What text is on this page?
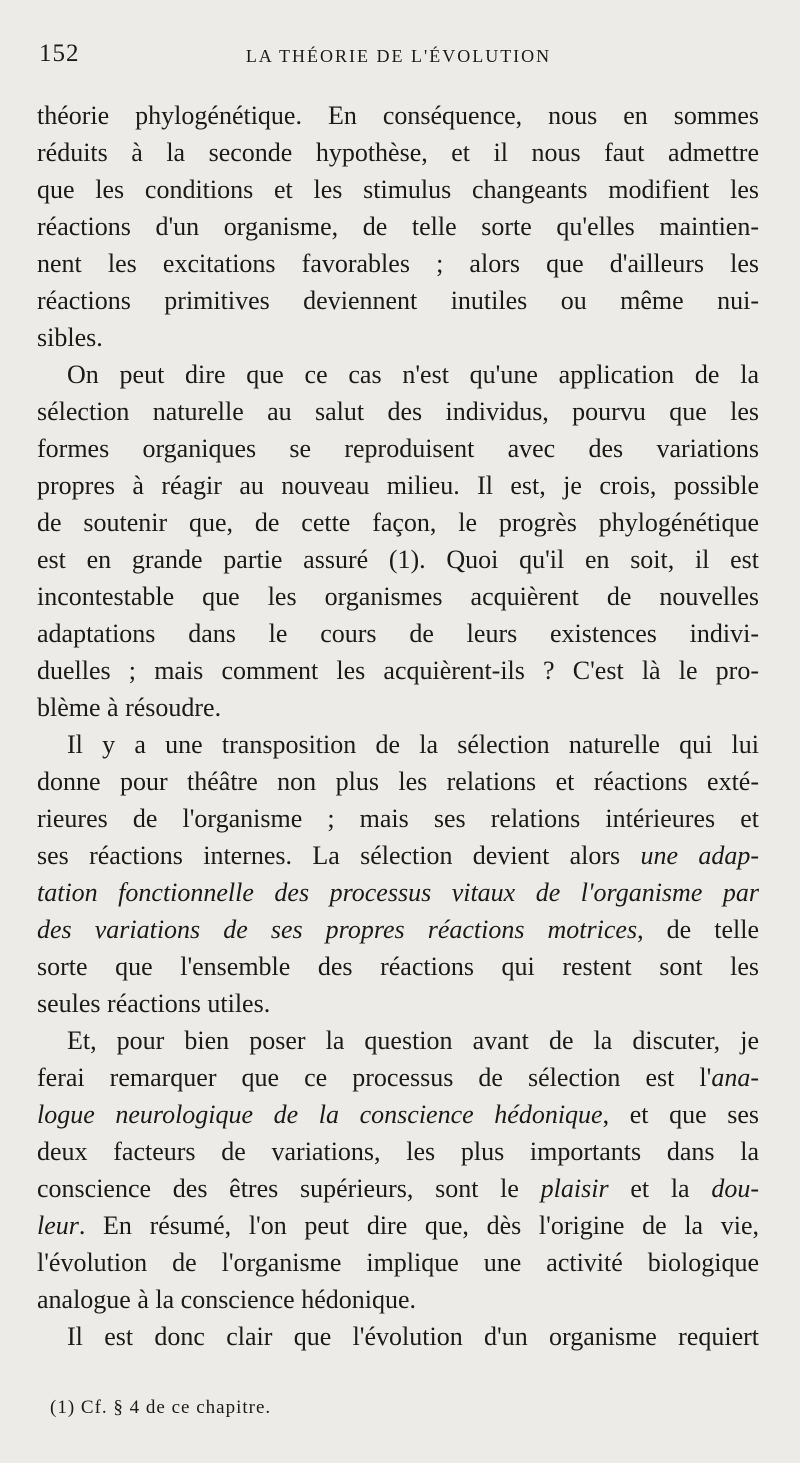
152	LA THÉORIE DE L'ÉVOLUTION

théorie phylogénétique. En conséquence, nous en sommes
réduits à la seconde hypothèse, et il nous faut admettre
que les conditions et les stimulus changeants modifient les
réactions d'un organisme, de telle sorte qu'elles maintien-
nent les excitations favorables ; alors que d'ailleurs les
réactions primitives deviennent inutiles ou même nui-
sibles.

On peut dire que ce cas n'est qu'une application de la
sélection naturelle au salut des individus, pourvu que les
formes organiques se reproduisent avec des variations
propres à réagir au nouveau milieu. Il est, je crois, possible
de soutenir que, de cette façon, le progrès phylogénétique
est en grande partie assuré (1). Quoi qu'il en soit, il est
incontestable que les organismes acquièrent de nouvelles
adaptations dans le cours de leurs existences indivi-
duelles ; mais comment les acquièrent-ils ? C'est là le pro-
blème à résoudre.

Il y a une transposition de la sélection naturelle qui lui
donne pour théâtre non plus les relations et réactions exté-
rieures de l'organisme ; mais ses relations intérieures et
ses réactions internes. La sélection devient alors une adap-
tation fonctionnelle des processus vitaux de l'organisme par
des variations de ses propres réactions motrices, de telle
sorte que l'ensemble des réactions qui restent sont les
seules réactions utiles.

Et, pour bien poser la question avant de la discuter, je
ferai remarquer que ce processus de sélection est l'ana-
logue neurologique de la conscience hédonique, et que ses
deux facteurs de variations, les plus importants dans la
conscience des êtres supérieurs, sont le plaisir et la dou-
leur. En résumé, l'on peut dire que, dès l'origine de la vie,
l'évolution de l'organisme implique une activité biologique
analogue à la conscience hédonique.

Il est donc clair que l'évolution d'un organisme requiert

(1) Cf. § 4 de ce chapitre.
